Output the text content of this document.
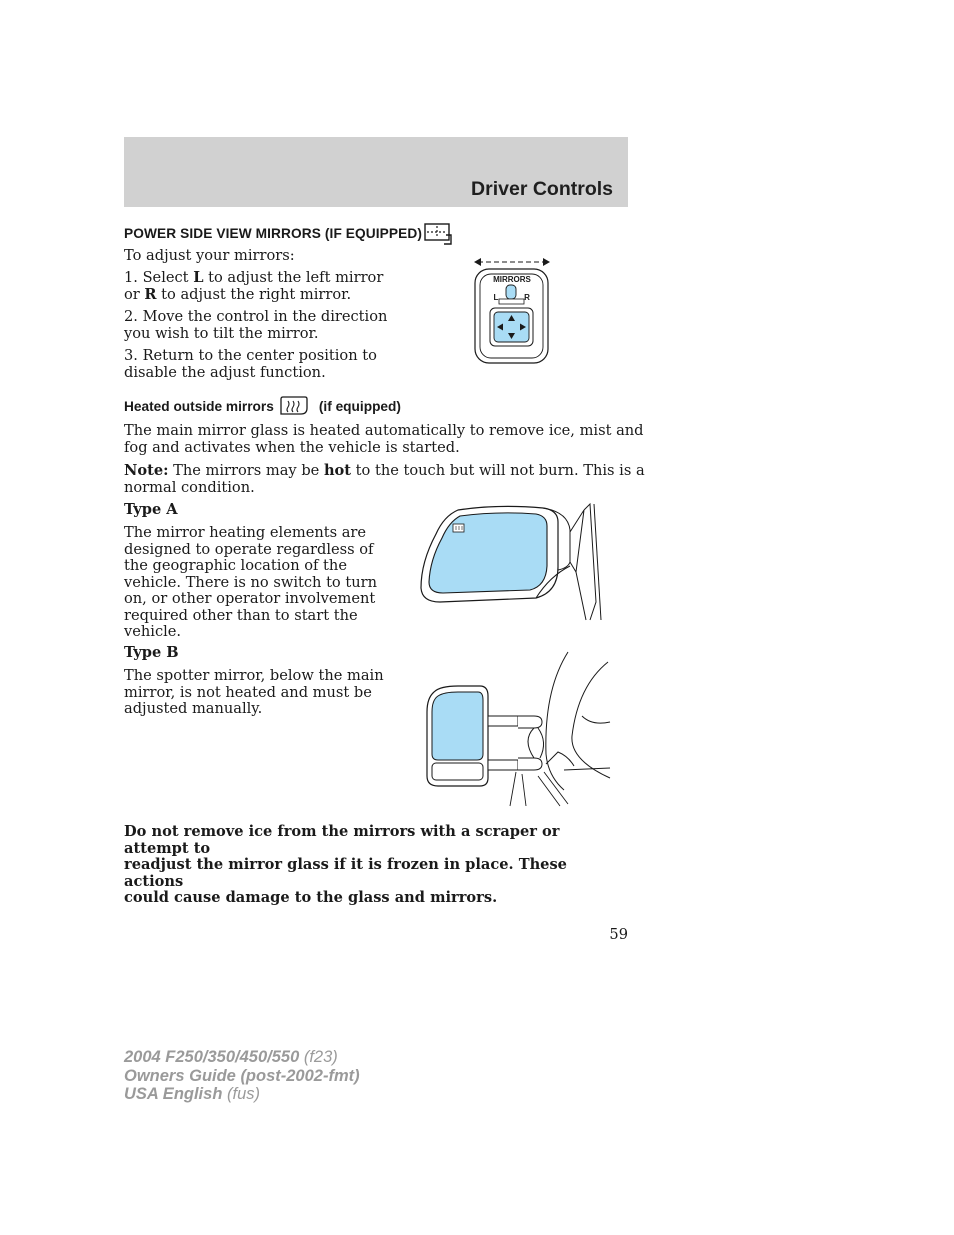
Driver Controls
POWER SIDE VIEW MIRRORS (IF EQUIPPED)
To adjust your mirrors:
1. Select L to adjust the left mirror
or R to adjust the right mirror.
2. Move the control in the direction
you wish to tilt the mirror.
3. Return to the center position to
disable the adjust function.
MIRRORS
L	R
Heated outside mirrors	(if equipped)
The main mirror glass is heated automatically to remove ice, mist and
fog and activates when the vehicle is started.
Note: The mirrors may be hot to the touch but will not burn. This is a
normal condition.
Type A
The mirror heating elements are
designed to operate regardless of
the geographic location of the
vehicle. There is no switch to turn
on, or other operator involvement
required other than to start the
vehicle.
Type B
The spotter mirror, below the main
mirror, is not heated and must be
adjusted manually.
Do not remove ice from the mirrors with a scraper or attempt to
readjust the mirror glass if it is frozen in place. These actions
could cause damage to the glass and mirrors.
59
2004 F250/350/450/550 (f23)
Owners Guide (post-2002-fmt)
USA English (fus)
